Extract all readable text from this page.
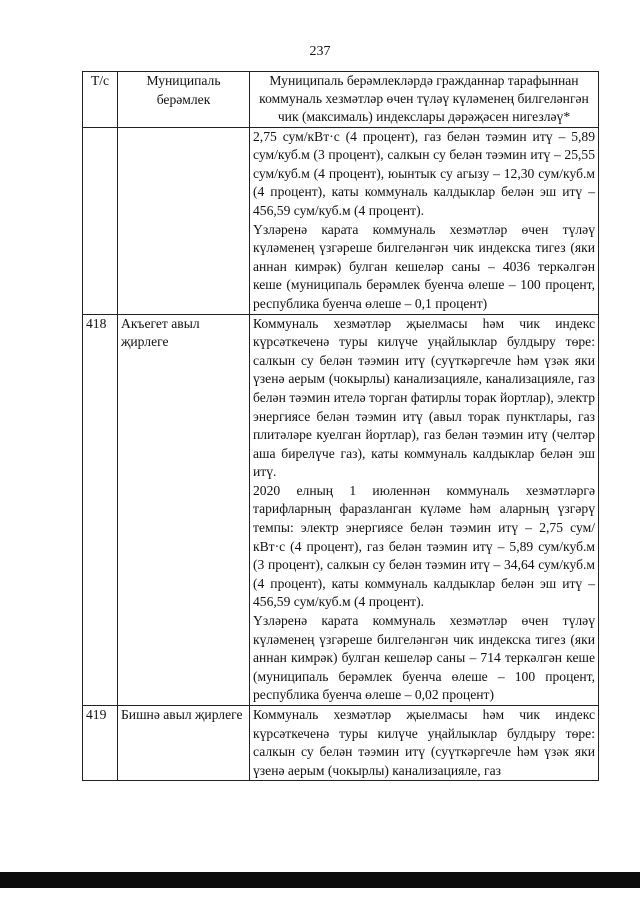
237
Т/с	Муниципаль берәмлек	Муниципаль берәмлекләрдә гражданнар тарафыннан коммуналь хезмәтләр өчен түләү күләменең билгеләнгән чик (максималь) индекслары дәрәҗәсен нигезләү*

		2,75 сум/кВт·с (4 процент), газ белән тәэмин итү – 5,89 сум/куб.м (3 процент), салкын су белән тәэмин итү – 25,55 сум/куб.м (4 процент), юынтык су агызу – 12,30 сум/куб.м (4 процент), каты коммуналь калдыклар белән эш итү – 456,59 сум/куб.м (4 процент).

Үзләренә карата коммуналь хезмәтләр өчен түләү күләменең үзгәреше билгеләнгән чик индекска тигез (яки аннан кимрәк) булган кешеләр саны – 4036 теркәлгән кеше (муниципаль берәмлек буенча өлеше – 100 процент, республика буенча өлеше – 0,1 процент)

418	Акъегет авыл җирлеге	Коммуналь хезмәтләр җыелмасы һәм чик индекс күрсәткеченә туры килүче уңайлыклар булдыру төре: салкын су белән тәэмин итү (суүткәргечле һәм үзәк яки үзенә аерым (чокырлы) канализацияле, канализацияле, газ белән тәэмин ителә торган фатирлы торак йортлар), электр энергиясе белән тәэмин итү (авыл торак пунктлары, газ плитәләре куелган йортлар), газ белән тәэмин итү (челтәр аша бирелүче газ), каты коммуналь калдыклар белән эш итү.

2020 елның 1 июленнән коммуналь хезмәтләргә тарифларның фаразланган күләме һәм аларның үзгәрү темпы: электр энергиясе белән тәэмин итү – 2,75 сум/кВт·с (4 процент), газ белән тәэмин итү – 5,89 сум/куб.м (3 процент), салкын су белән тәэмин итү – 34,64 сум/куб.м (4 процент), каты коммуналь калдыклар белән эш итү – 456,59 сум/куб.м (4 процент).

Үзләренә карата коммуналь хезмәтләр өчен түләү күләменең үзгәреше билгеләнгән чик индекска тигез (яки аннан кимрәк) булган кешеләр саны – 714 теркәлгән кеше (муниципаль берәмлек буенча өлеше – 100 процент, республика буенча өлеше – 0,02 процент)

419	Бишнә авыл җирлеге	Коммуналь хезмәтләр җыелмасы һәм чик индекс күрсәткеченә туры килүче уңайлыклар булдыру төре: салкын су белән тәэмин итү (суүткәргечле һәм үзәк яки үзенә аерым (чокырлы) канализацияле, газ
